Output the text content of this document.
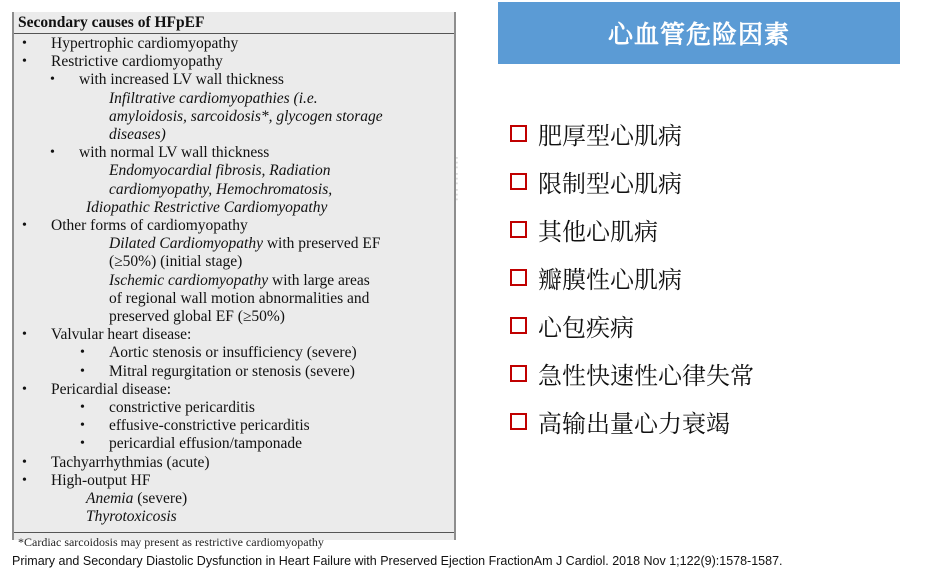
Secondary causes of HFpEF
• Hypertrophic cardiomyopathy
• Restrictive cardiomyopathy
• with increased LV wall thickness
Infiltrative cardiomyopathies (i.e.
amyloidosis, sarcoidosis*, glycogen storage
diseases)
• with normal LV wall thickness
Endomyocardial fibrosis, Radiation
cardiomyopathy, Hemochromatosis,
Idiopathic Restrictive Cardiomyopathy
• Other forms of cardiomyopathy
Dilated Cardiomyopathy with preserved EF
(≥50%) (initial stage)
Ischemic cardiomyopathy with large areas
of regional wall motion abnormalities and
preserved global EF (≥50%)
• Valvular heart disease:
• Aortic stenosis or insufficiency (severe)
• Mitral regurgitation or stenosis (severe)
• Pericardial disease:
• constrictive pericarditis
• effusive-constrictive pericarditis
• pericardial effusion/tamponade
• Tachyarrhythmias (acute)
• High-output HF
Anemia (severe)
Thyrotoxicosis
*Cardiac sarcoidosis may present as restrictive cardiomyopathy
⋮
⋮
⋮
心血管危险因素
肥厚型心肌病
限制型心肌病
其他心肌病
瓣膜性心肌病
心包疾病
急性快速性心律失常
高输出量心力衰竭
Primary and Secondary Diastolic Dysfunction in Heart Failure with Preserved Ejection FractionAm J Cardiol. 2018 Nov 1;122(9):1578-1587.
